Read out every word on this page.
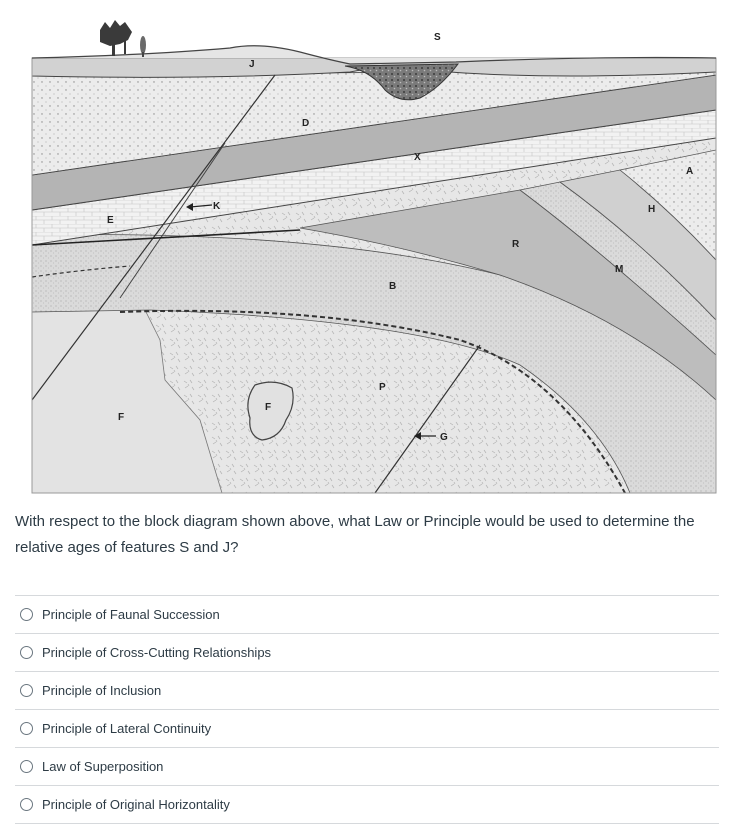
S
J
D
X
A
K
E
H
R
M
B
P
F
F
G
With respect to the block diagram shown above, what Law or Principle would be used to determine the relative ages of features S and J?
Principle of Faunal Succession
Principle of Cross-Cutting Relationships
Principle of Inclusion
Principle of Lateral Continuity
Law of Superposition
Principle of Original Horizontality
